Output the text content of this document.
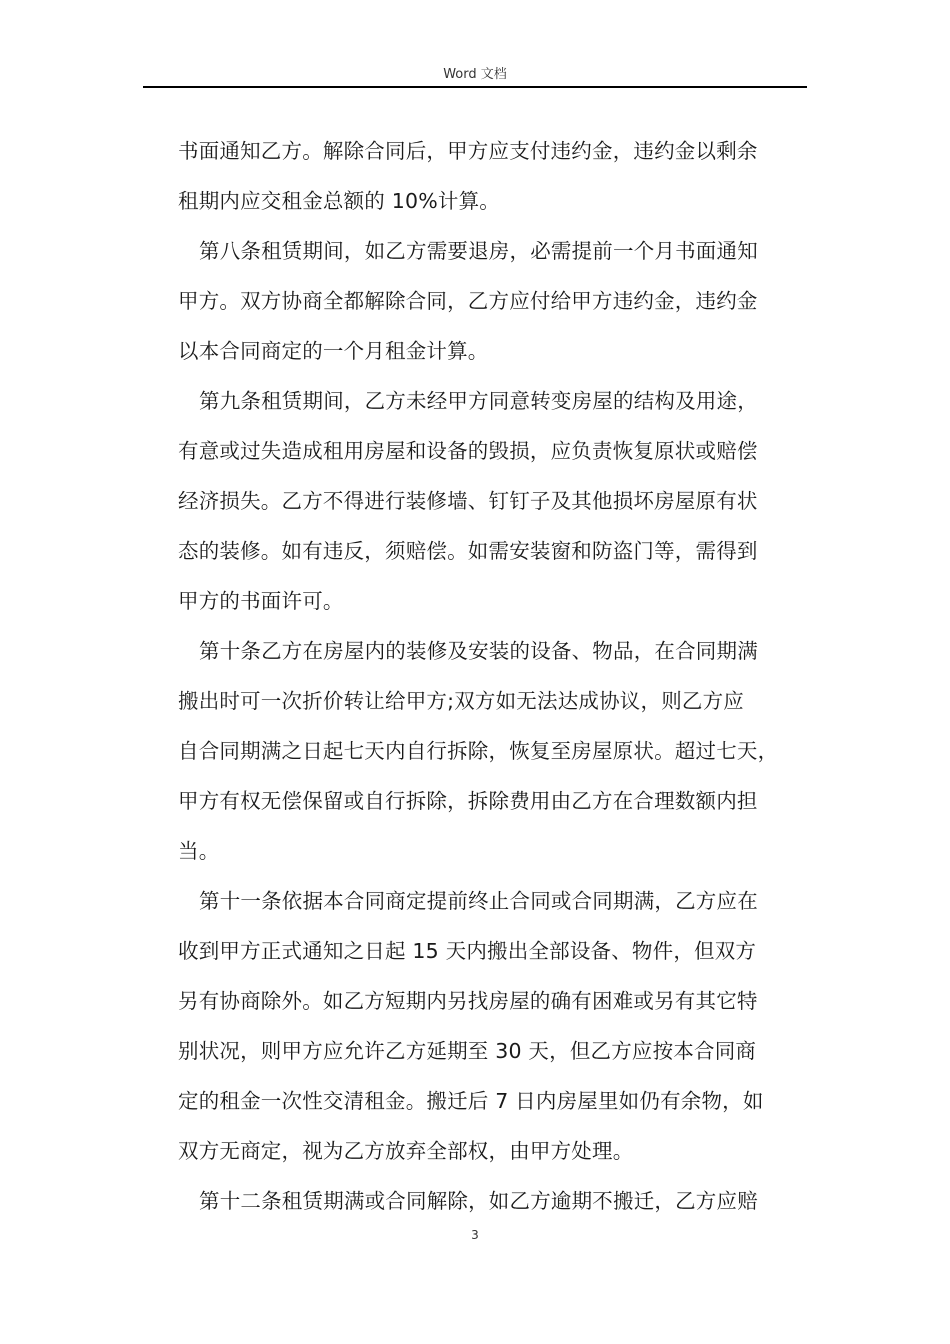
Word 文档
书面通知乙方。解除合同后，甲方应支付违约金，违约金以剩余
租期内应交租金总额的 10%计算。
第八条租赁期间，如乙方需要退房，必需提前一个月书面通知
甲方。双方协商全都解除合同，乙方应付给甲方违约金，违约金
以本合同商定的一个月租金计算。
第九条租赁期间，乙方未经甲方同意转变房屋的结构及用途，
有意或过失造成租用房屋和设备的毁损，应负责恢复原状或赔偿
经济损失。乙方不得进行装修墙、钉钉子及其他损坏房屋原有状
态的装修。如有违反，须赔偿。如需安装窗和防盗门等，需得到
甲方的书面许可。
第十条乙方在房屋内的装修及安装的设备、物品，在合同期满
搬出时可一次折价转让给甲方;双方如无法达成协议，则乙方应
自合同期满之日起七天内自行拆除，恢复至房屋原状。超过七天，
甲方有权无偿保留或自行拆除，拆除费用由乙方在合理数额内担
当。
第十一条依据本合同商定提前终止合同或合同期满，乙方应在
收到甲方正式通知之日起 15 天内搬出全部设备、物件，但双方
另有协商除外。如乙方短期内另找房屋的确有困难或另有其它特
别状况，则甲方应允许乙方延期至 30 天，但乙方应按本合同商
定的租金一次性交清租金。搬迁后 7 日内房屋里如仍有余物，如
双方无商定，视为乙方放弃全部权，由甲方处理。
第十二条租赁期满或合同解除，如乙方逾期不搬迁，乙方应赔
3
